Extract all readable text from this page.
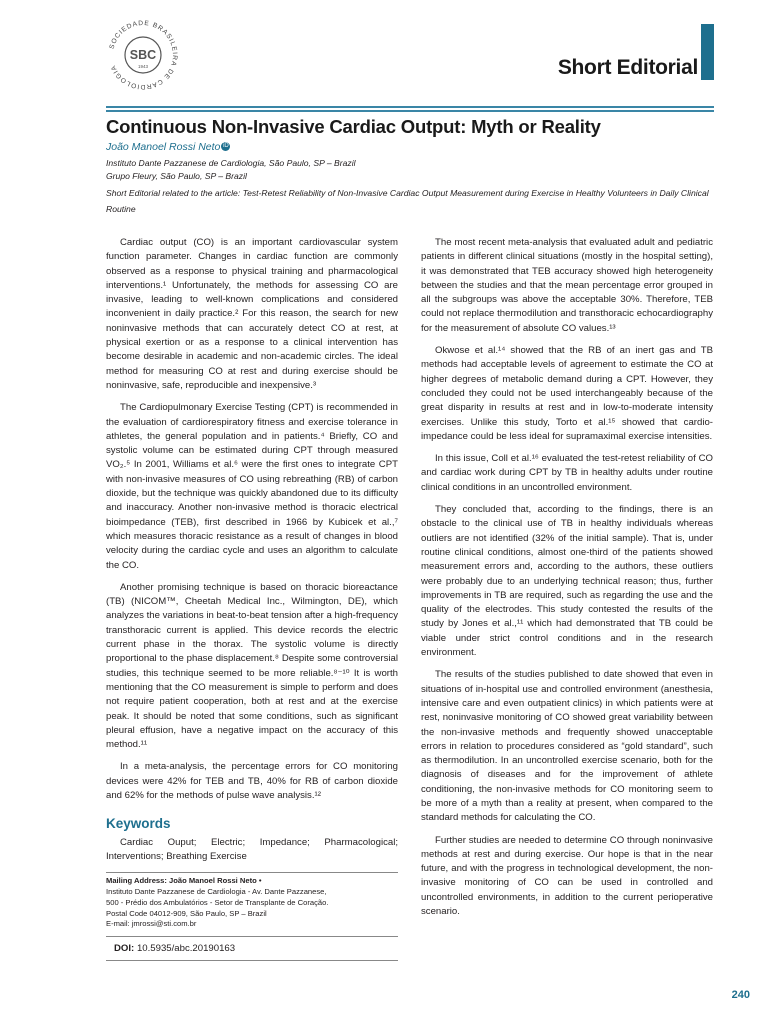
SOCIEDADE BRASILEIRA DE CARDIOLOGIA
SBC
1943	Short Editorial
Continuous Non-Invasive Cardiac Output: Myth or Reality
João Manoel Rossi Neto iD
Instituto Dante Pazzanese de Cardiologia, São Paulo, SP – Brazil
Grupo Fleury, São Paulo, SP – Brazil
Short Editorial related to the article: Test-Retest Reliability of Non-Invasive Cardiac Output Measurement during Exercise in Healthy Volunteers in Daily Clinical Routine

Cardiac output (CO) is an important cardiovascular system function parameter. Changes in cardiac function are commonly observed as a response to physical training and pharmacological interventions.¹ Unfortunately, the methods for assessing CO are invasive, leading to well-known complications and considered inconvenient in daily practice.² For this reason, the search for new noninvasive methods that can accurately detect CO at rest, at physical exertion or as a response to a clinical intervention has become desirable in academic and non-academic circles. The ideal method for measuring CO at rest and during exercise should be noninvasive, safe, reproducible and inexpensive.³

The Cardiopulmonary Exercise Testing (CPT) is recommended in the evaluation of cardiorespiratory fitness and exercise tolerance in athletes, the general population and in patients.⁴ Briefly, CO and systolic volume can be estimated during CPT through measured VO₂.⁵ In 2001, Williams et al.⁶ were the first ones to integrate CPT with non-invasive measures of CO using rebreathing (RB) of carbon dioxide, but the technique was quickly abandoned due to its difficulty and inaccuracy. Another non-invasive method is thoracic electrical bioimpedance (TEB), first described in 1966 by Kubicek et al.,⁷ which measures thoracic resistance as a result of changes in blood velocity during the cardiac cycle and uses an algorithm to calculate the CO.

Another promising technique is based on thoracic bioreactance (TB) (NICOM™, Cheetah Medical Inc., Wilmington, DE), which analyzes the variations in beat-to-beat tension after a high-frequency transthoracic current is applied. This device records the electric current phase in the thorax. The systolic volume is directly proportional to the phase displacement.⁸ Despite some controversial studies, this technique seemed to be more reliable.⁸⁻¹⁰ It is worth mentioning that the CO measurement is simple to perform and does not require patient cooperation, both at rest and at the exercise peak. It should be noted that some conditions, such as significant pleural effusion, have a negative impact on the accuracy of this method.¹¹

In a meta-analysis, the percentage errors for CO monitoring devices were 42% for TEB and TB, 40% for RB of carbon dioxide and 62% for the methods of pulse wave analysis.¹²

Keywords

Cardiac Ouput; Electric; Impedance; Pharmacological; Interventions; Breathing Exercise

Mailing Address: João Manoel Rossi Neto •
Instituto Dante Pazzanese de Cardiologia - Av. Dante Pazzanese,
500 - Prédio dos Ambulatórios - Setor de Transplante de Coração.
Postal Code 04012-909, São Paulo, SP – Brazil
E-mail: jmrossi@sti.com.br
DOI: 10.5935/abc.20190163

The most recent meta-analysis that evaluated adult and pediatric patients in different clinical situations (mostly in the hospital setting), it was demonstrated that TEB accuracy showed high heterogeneity between the studies and that the mean percentage error grouped in all the subgroups was above the acceptable 30%. Therefore, TEB could not replace thermodilution and transthoracic echocardiography for the measurement of absolute CO values.¹³

Okwose et al.¹⁴ showed that the RB of an inert gas and TB methods had acceptable levels of agreement to estimate the CO at higher degrees of metabolic demand during a CPT. However, they concluded they could not be used interchangeably because of the great disparity in results at rest and in low-to-moderate intensity exercises. Unlike this study, Torto et al.¹⁵ showed that cardio-impedance could be less ideal for supramaximal exercise intensities.

In this issue, Coll et al.¹⁶ evaluated the test-retest reliability of CO and cardiac work during CPT by TB in healthy adults under routine clinical conditions in an uncontrolled environment.

They concluded that, according to the findings, there is an obstacle to the clinical use of TB in healthy individuals whereas outliers are not identified (32% of the initial sample). That is, under routine clinical conditions, almost one-third of the patients showed measurement errors and, according to the authors, these outliers were probably due to an underlying technical reason; thus, further improvements in TB are required, such as regarding the use and the quality of the electrodes. This study contested the results of the study by Jones et al.,¹¹ which had demonstrated that TB could be viable under strict control conditions and in the research environment.

The results of the studies published to date showed that even in situations of in-hospital use and controlled environment (anesthesia, intensive care and even outpatient clinics) in which patients were at rest, noninvasive monitoring of CO showed great variability between the non-invasive methods and frequently showed unacceptable errors in relation to procedures considered as “gold standard”, such as thermodilution. In an uncontrolled exercise scenario, both for the diagnosis of diseases and for the improvement of athlete conditioning, the non-invasive methods for CO monitoring seem to be more of a myth than a reality at present, when compared to the standard methods for calculating the CO.

Further studies are needed to determine CO through noninvasive methods at rest and during exercise. Our hope is that in the near future, and with the progress in technological development, the non-invasive monitoring of CO can be used in controlled and uncontrolled environments, in addition to the current perioperative scenario.

240
